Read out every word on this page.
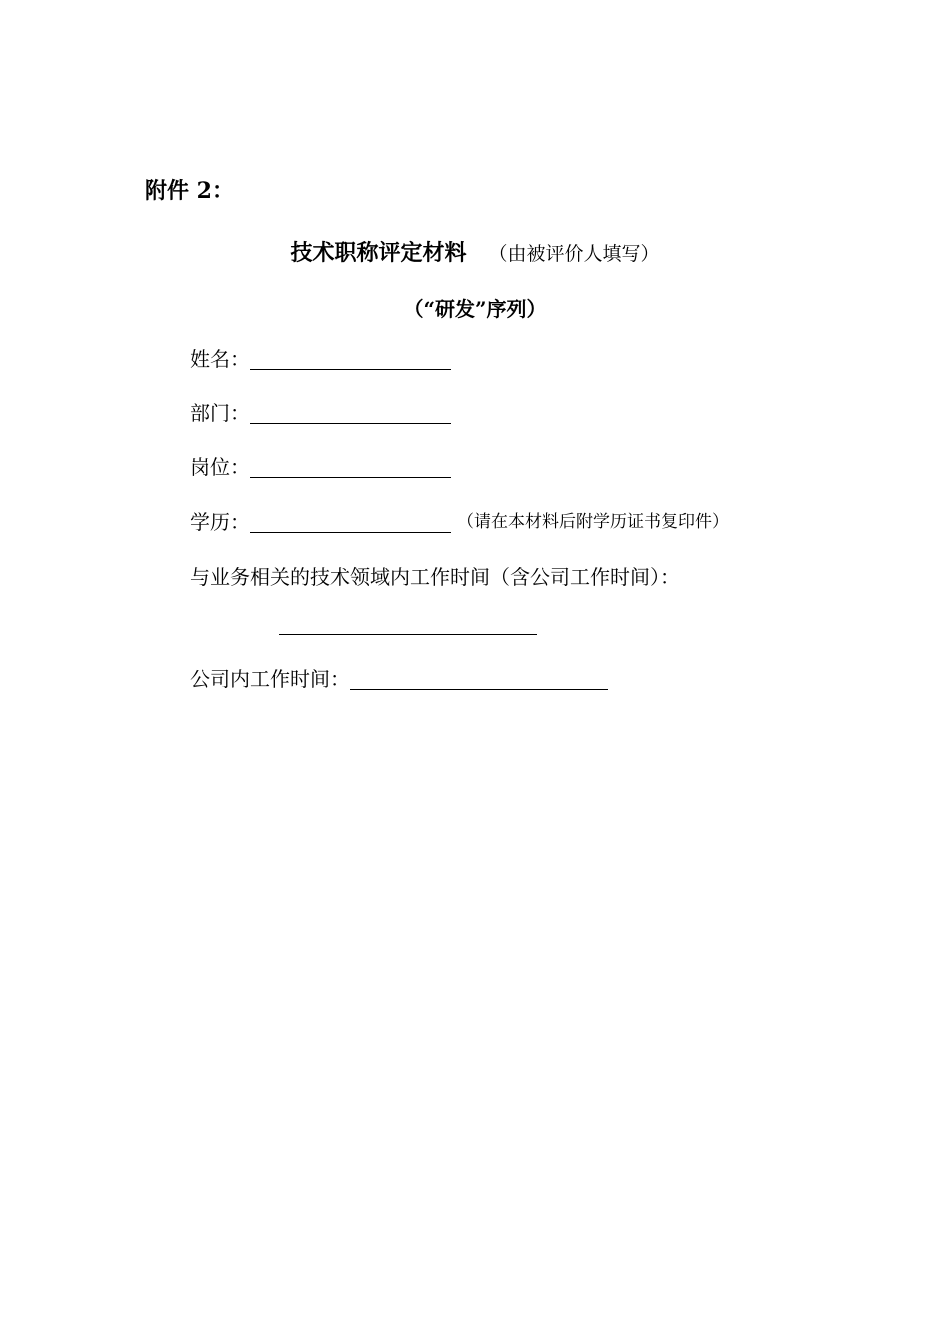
附件 2：
技术职称评定材料 （由被评价人填写）
（“研发”序列）
姓名：
部门：
岗位：
学历：	（请在本材料后附学历证书复印件）
与业务相关的技术领域内工作时间（含公司工作时间）：
公司内工作时间：
